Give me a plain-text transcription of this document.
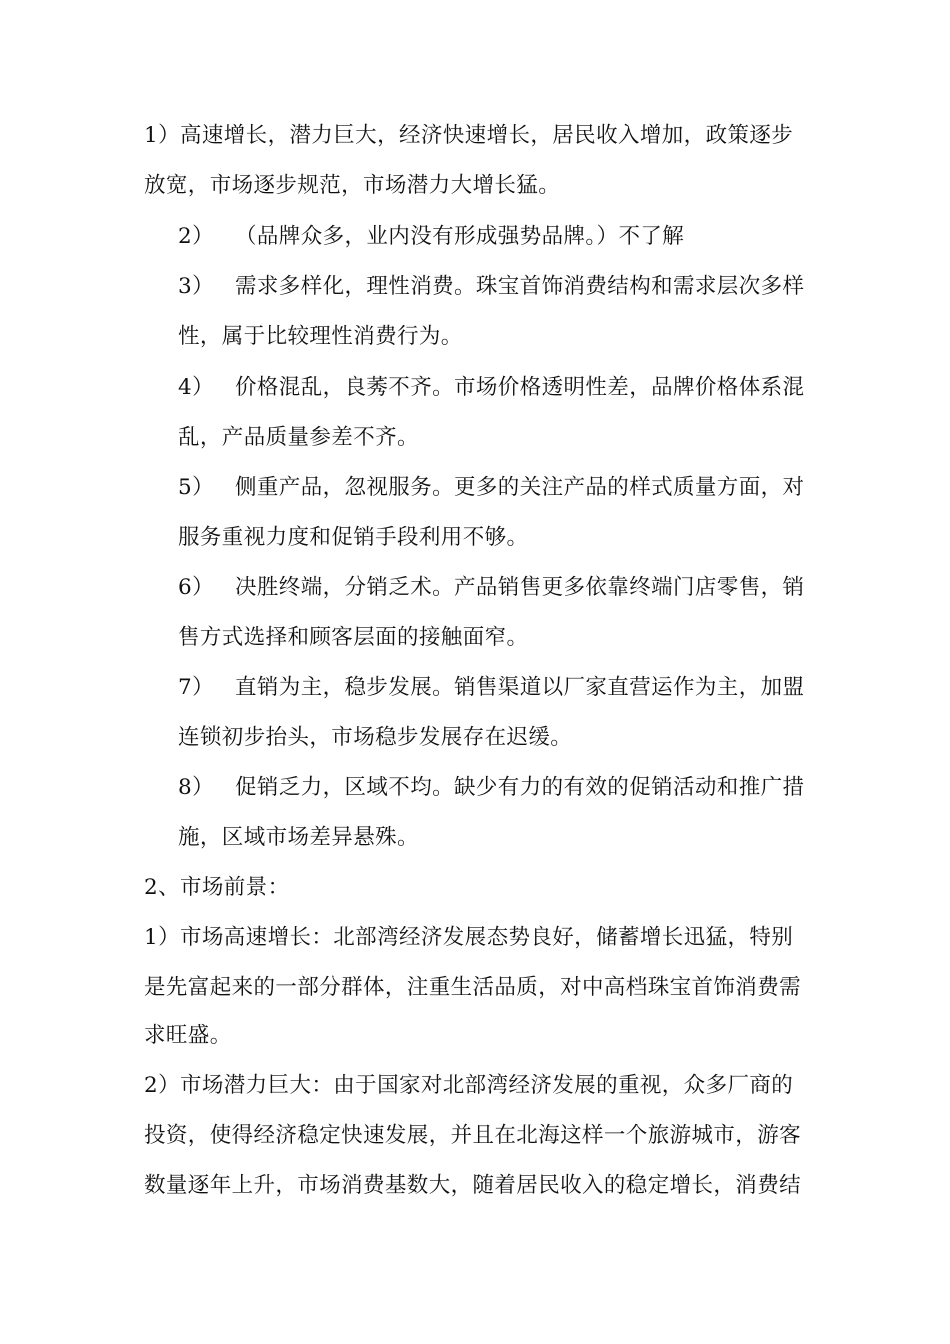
1）高速增长，潜力巨大，经济快速增长，居民收入增加，政策逐步
放宽，市场逐步规范，市场潜力大增长猛。
2） （品牌众多，业内没有形成强势品牌。）不了解
3） 需求多样化，理性消费。珠宝首饰消费结构和需求层次多样
性，属于比较理性消费行为。
4） 价格混乱，良莠不齐。市场价格透明性差，品牌价格体系混
乱，产品质量参差不齐。
5） 侧重产品，忽视服务。更多的关注产品的样式质量方面，对
服务重视力度和促销手段利用不够。
6） 决胜终端，分销乏术。产品销售更多依靠终端门店零售，销
售方式选择和顾客层面的接触面窄。
7） 直销为主，稳步发展。销售渠道以厂家直营运作为主，加盟
连锁初步抬头，市场稳步发展存在迟缓。
8） 促销乏力，区域不均。缺少有力的有效的促销活动和推广措
施，区域市场差异悬殊。
2、市场前景：
1）市场高速增长：北部湾经济发展态势良好，储蓄增长迅猛，特别
是先富起来的一部分群体，注重生活品质，对中高档珠宝首饰消费需
求旺盛。
2）市场潜力巨大：由于国家对北部湾经济发展的重视，众多厂商的
投资，使得经济稳定快速发展，并且在北海这样一个旅游城市，游客
数量逐年上升，市场消费基数大，随着居民收入的稳定增长，消费结
